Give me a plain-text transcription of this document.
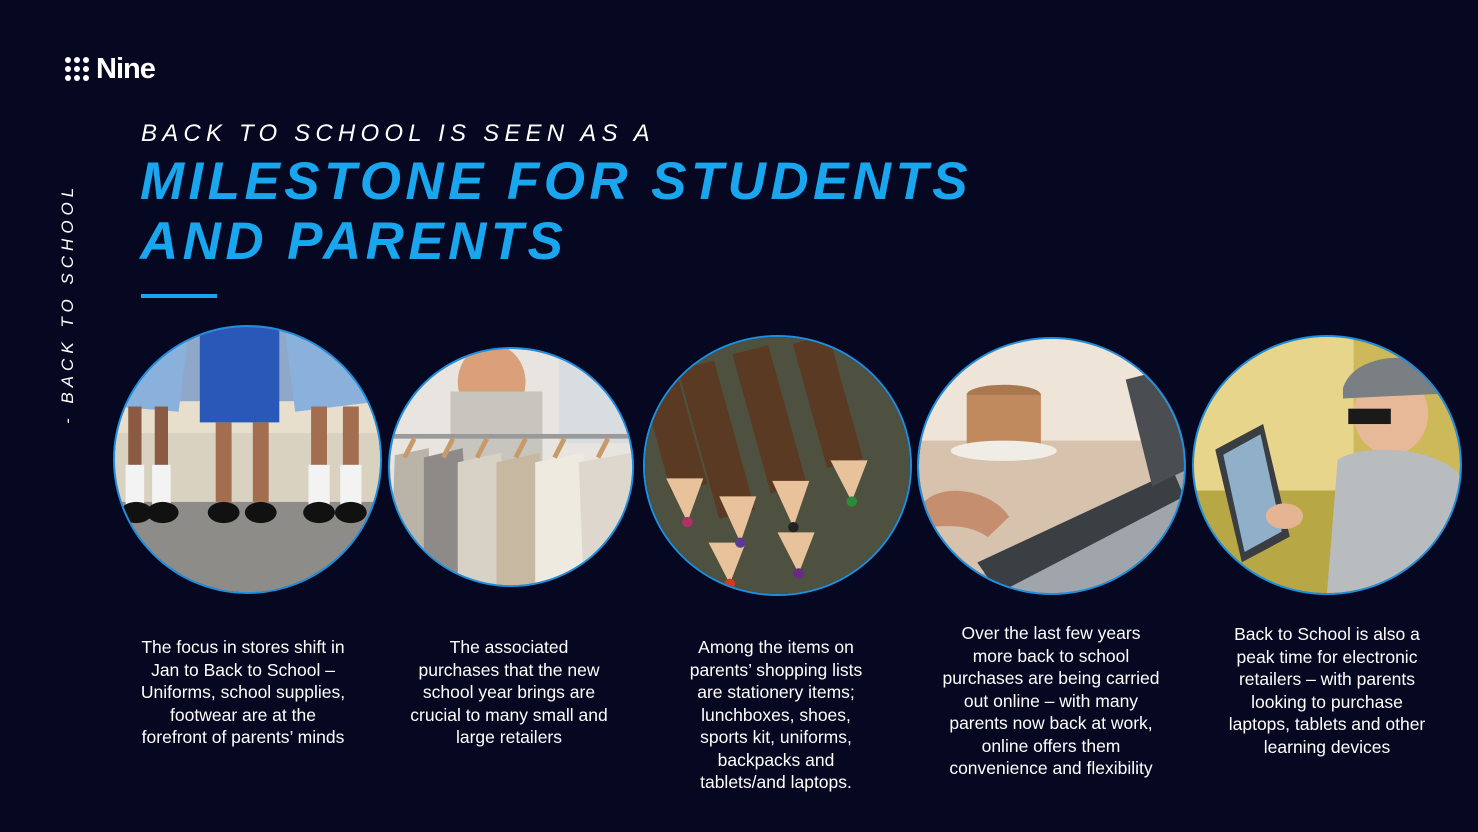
Nine
- BACK TO SCHOOL
BACK TO SCHOOL IS SEEN AS A
MILESTONE FOR STUDENTS AND PARENTS
The focus in stores shift in Jan to Back to School – Uniforms, school supplies, footwear are at the forefront of parents’ minds
The associated purchases that the new school year brings are crucial to many small and large retailers
Among the items on parents’ shopping lists are stationery items; lunchboxes, shoes, sports kit, uniforms, backpacks and tablets/and laptops.
Over the last few years more back to school purchases are being carried out online – with many parents now back at work, online offers them convenience and flexibility
Back to School is also a peak time for electronic retailers – with parents looking to purchase laptops, tablets and other learning devices
